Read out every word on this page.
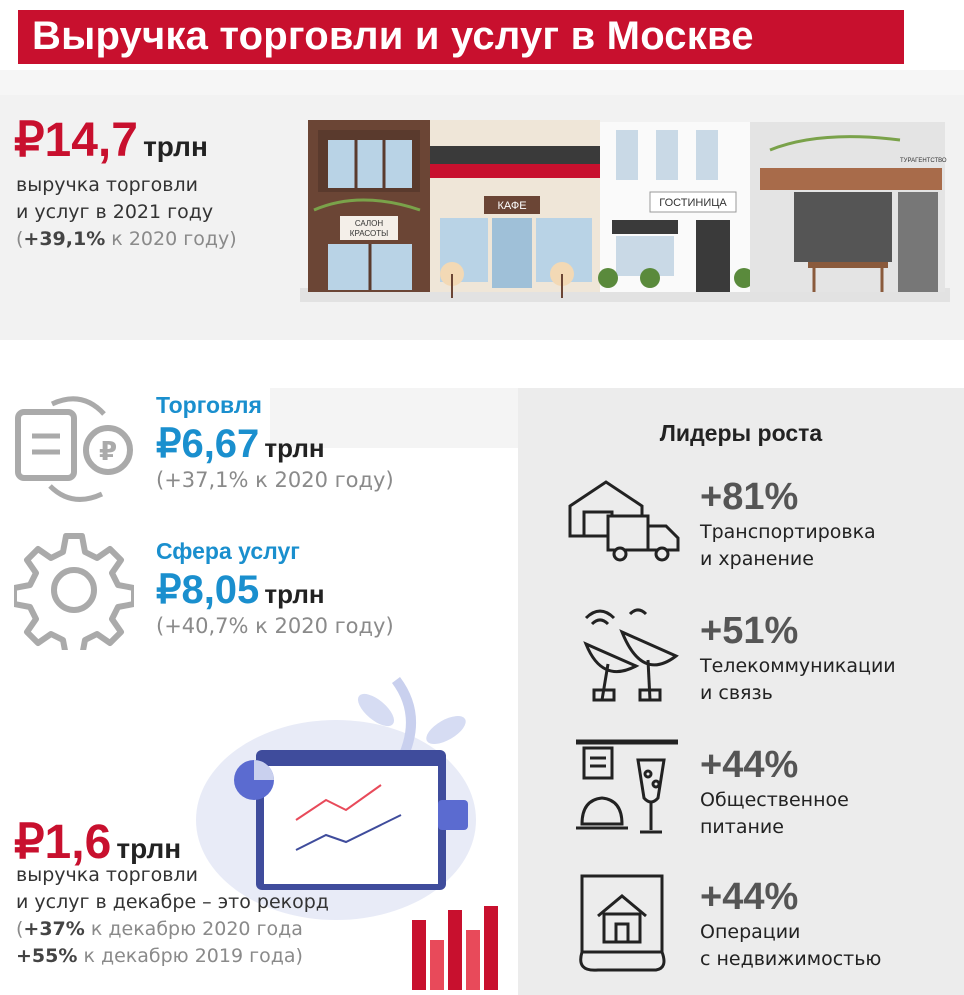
Выручка торговли и услуг в Москве
₽14,7 трлн
выручка торговли
и услуг в 2021 году
(+39,1% к 2020 году)
САЛОН
КРАСОТЫ
КАФЕ	ГОСТИНИЦА
ТУРАГЕНТСТВО
₽
Торговля
₽6,67 трлн
(+37,1% к 2020 году)
Сфера услуг
₽8,05 трлн
(+40,7% к 2020 году)
₽1,6 трлн
выручка торговли
и услуг в декабре – это рекорд
(+37% к декабрю 2020 года
+55% к декабрю 2019 года)
Лидеры роста
+81%
Транспортировка
и хранение
+51%
Телекоммуникации
и связь
+44%
Общественное
питание
+44%
Операции
с недвижимостью
